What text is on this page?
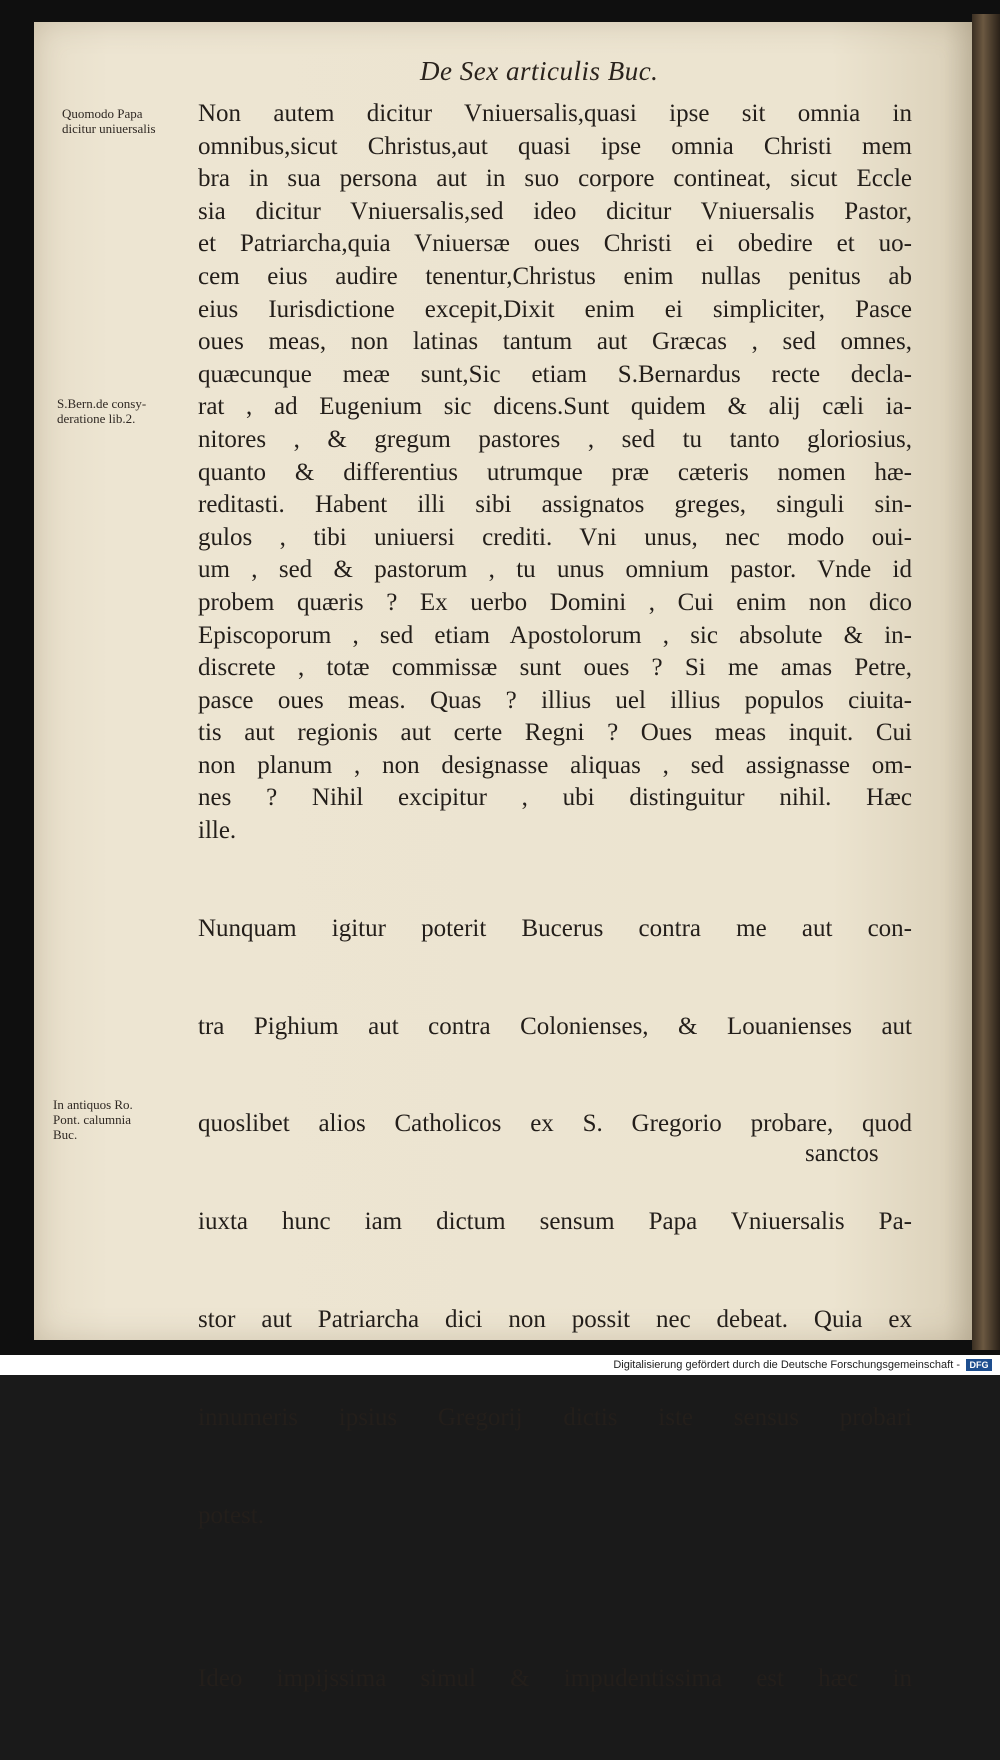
De Sex articulis Buc.
Quomodo Papa
dicitur uniuersalis
S.Bern.de consy-
deratione lib.2.
In antiquos Ro.
Pont. calumnia
Buc.

Non autem dicitur Vniuersalis,quasi ipse sit omnia in
omnibus,sicut Christus,aut quasi ipse omnia Christi mem
bra in sua persona aut in suo corpore contineat, sicut Eccle
sia dicitur Vniuersalis,sed ideo dicitur Vniuersalis Pastor,
et Patriarcha,quia Vniuersæ oues Christi ei obedire et uo-
cem eius audire tenentur,Christus enim nullas penitus ab
eius Iurisdictione excepit,Dixit enim ei simpliciter, Pasce
oues meas, non latinas tantum aut Græcas , sed omnes,
quæcunque meæ sunt,Sic etiam S.Bernardus recte decla-
rat , ad Eugenium sic dicens.Sunt quidem & alij cæli ia-
nitores , & gregum pastores , sed tu tanto gloriosius,
quanto & differentius utrumque præ cæteris nomen hæ-
reditasti. Habent illi sibi assignatos greges, singuli sin-
gulos , tibi uniuersi crediti. Vni unus, nec modo oui-
um , sed & pastorum , tu unus omnium pastor. Vnde id
probem quæris ? Ex uerbo Domini , Cui enim non dico
Episcoporum , sed etiam Apostolorum , sic absolute & in-
discrete , totæ commissæ sunt oues ? Si me amas Petre,
pasce oues meas. Quas ? illius uel illius populos ciuita-
tis aut regionis aut certe Regni ? Oues meas inquit. Cui
non planum , non designasse aliquas , sed assignasse om-
nes ? Nihil excipitur , ubi distinguitur nihil. Hæc
ille.

Nunquam igitur poterit Bucerus contra me aut con-

tra Pighium aut contra Colonienses, & Louanienses aut

quoslibet alios Catholicos ex S. Gregorio probare, quod

iuxta hunc iam dictum sensum Papa Vniuersalis Pa-

stor aut Patriarcha dici non possit nec debeat. Quia ex

innumeris ipsius Gregorij dictis iste sensus probari

potest.

Ideo impijssima simul & impudentissima est hæc in

sanctos
Digitalisierung gefördert durch die Deutsche Forschungsgemeinschaft -	DFG
